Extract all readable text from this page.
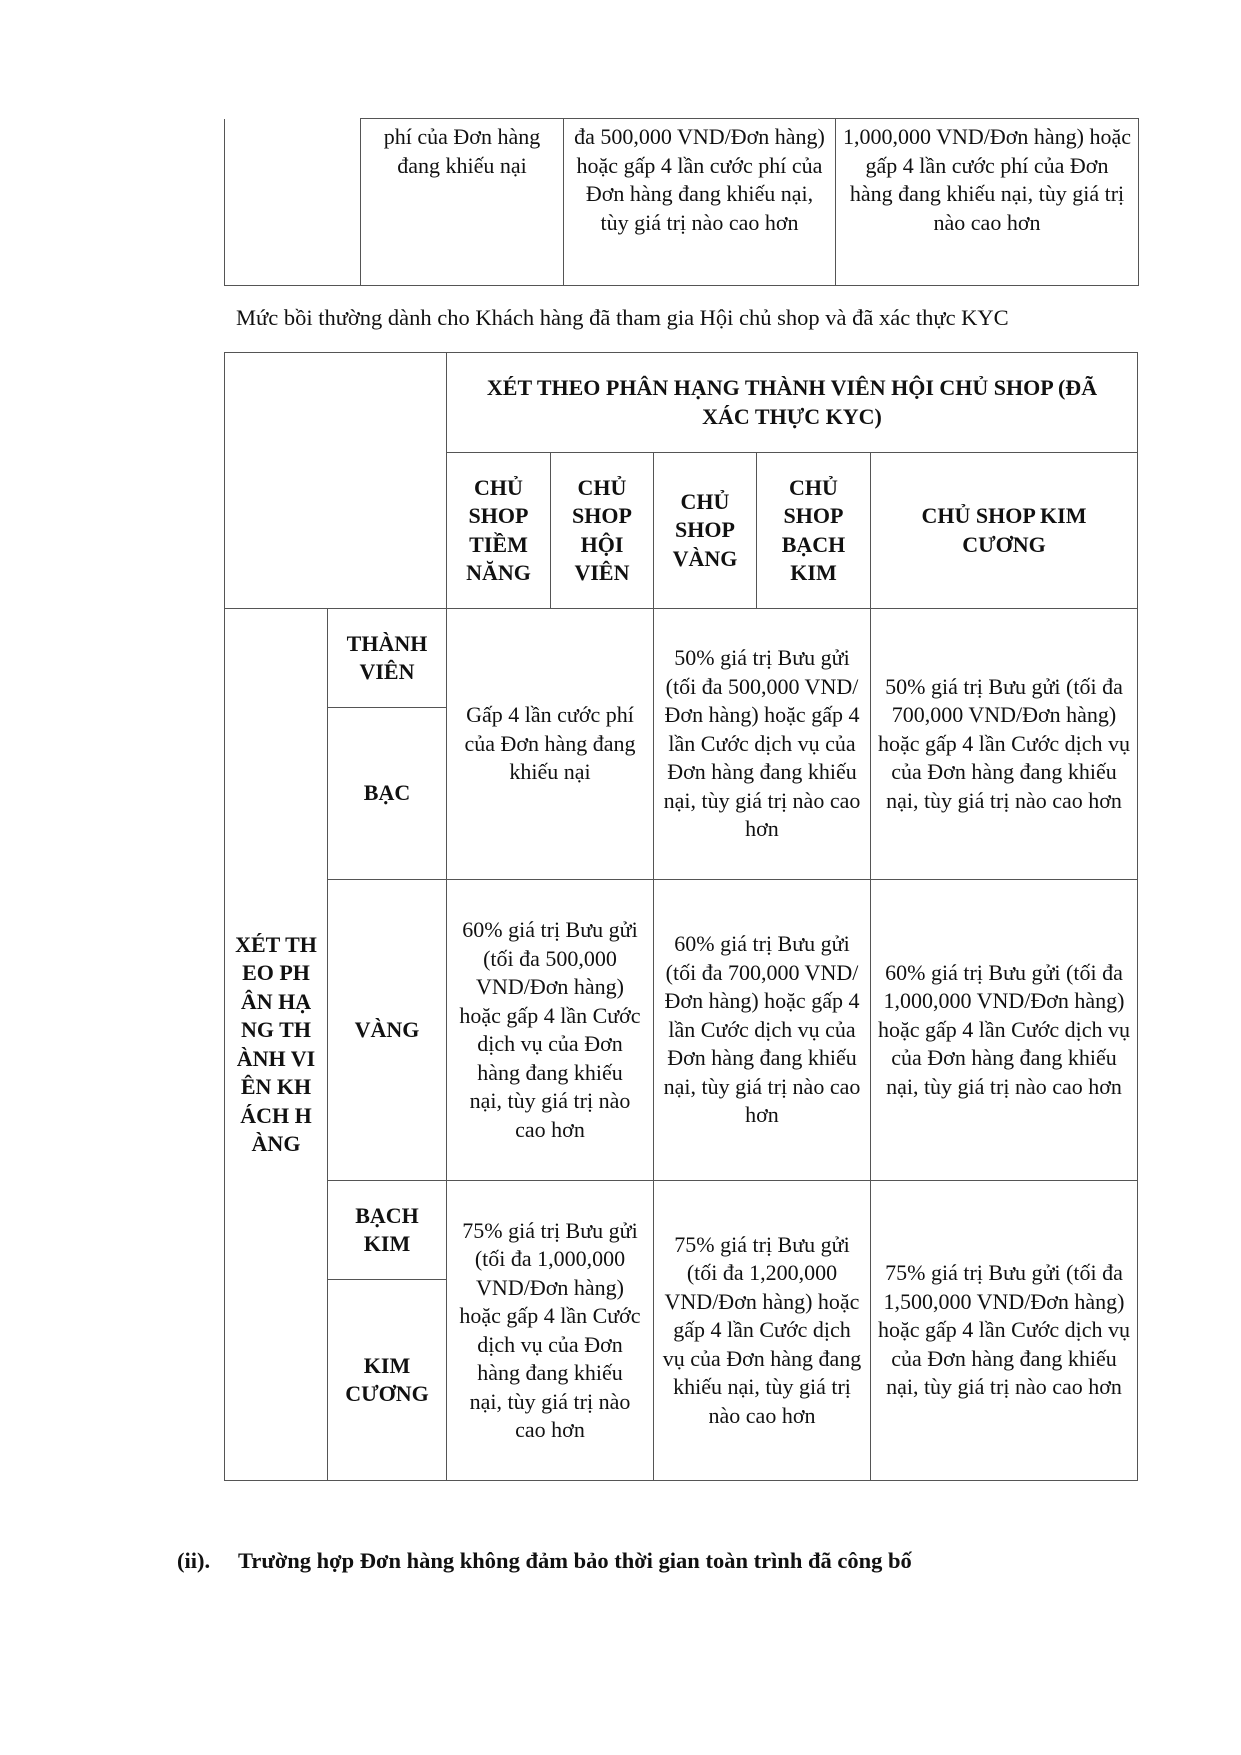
	phí của Đơn hàng đang khiếu nại	đa 500,000 VND/Đơn hàng) hoặc gấp 4 lần cước phí của Đơn hàng đang khiếu nại, tùy giá trị nào cao hơn	1,000,000 VND/Đơn hàng) hoặc gấp 4 lần cước phí của Đơn hàng đang khiếu nại, tùy giá trị nào cao hơn
Mức bồi thường dành cho Khách hàng đã tham gia Hội chủ shop và đã xác thực KYC
		XÉT THEO PHÂN HẠNG THÀNH VIÊN HỘI CHỦ SHOP (ĐÃ XÁC THỰC KYC)				
		CHỦ SHOP TIỀM NĂNG	CHỦ SHOP HỘI VIÊN	CHỦ SHOP VÀNG	CHỦ SHOP BẠCH KIM	CHỦ SHOP KIM CƯƠNG
XÉT THEO PHÂN HẠNG THÀNH VIÊN KHÁCH HÀNG	THÀNH VIÊN	Gấp 4 lần cước phí của Đơn hàng đang khiếu nại		50% giá trị Bưu gửi (tối đa 500,000 VND/Đơn hàng) hoặc gấp 4 lần Cước dịch vụ của Đơn hàng đang khiếu nại, tùy giá trị nào cao hơn		50% giá trị Bưu gửi (tối đa 700,000 VND/Đơn hàng) hoặc gấp 4 lần Cước dịch vụ của Đơn hàng đang khiếu nại, tùy giá trị nào cao hơn
	BẠC					
	VÀNG	60% giá trị Bưu gửi (tối đa 500,000 VND/Đơn hàng) hoặc gấp 4 lần Cước dịch vụ của Đơn hàng đang khiếu nại, tùy giá trị nào cao hơn		60% giá trị Bưu gửi (tối đa 700,000 VND/Đơn hàng) hoặc gấp 4 lần Cước dịch vụ của Đơn hàng đang khiếu nại, tùy giá trị nào cao hơn		60% giá trị Bưu gửi (tối đa 1,000,000 VND/Đơn hàng) hoặc gấp 4 lần Cước dịch vụ của Đơn hàng đang khiếu nại, tùy giá trị nào cao hơn
	BẠCH KIM	75% giá trị Bưu gửi (tối đa 1,000,000 VND/Đơn hàng) hoặc gấp 4 lần Cước dịch vụ của Đơn hàng đang khiếu nại, tùy giá trị nào cao hơn		75% giá trị Bưu gửi (tối đa 1,200,000 VND/Đơn hàng) hoặc gấp 4 lần Cước dịch vụ của Đơn hàng đang khiếu nại, tùy giá trị nào cao hơn		75% giá trị Bưu gửi (tối đa 1,500,000 VND/Đơn hàng) hoặc gấp 4 lần Cước dịch vụ của Đơn hàng đang khiếu nại, tùy giá trị nào cao hơn
	KIM CƯƠNG					
(ii). Trường hợp Đơn hàng không đảm bảo thời gian toàn trình đã công bố
